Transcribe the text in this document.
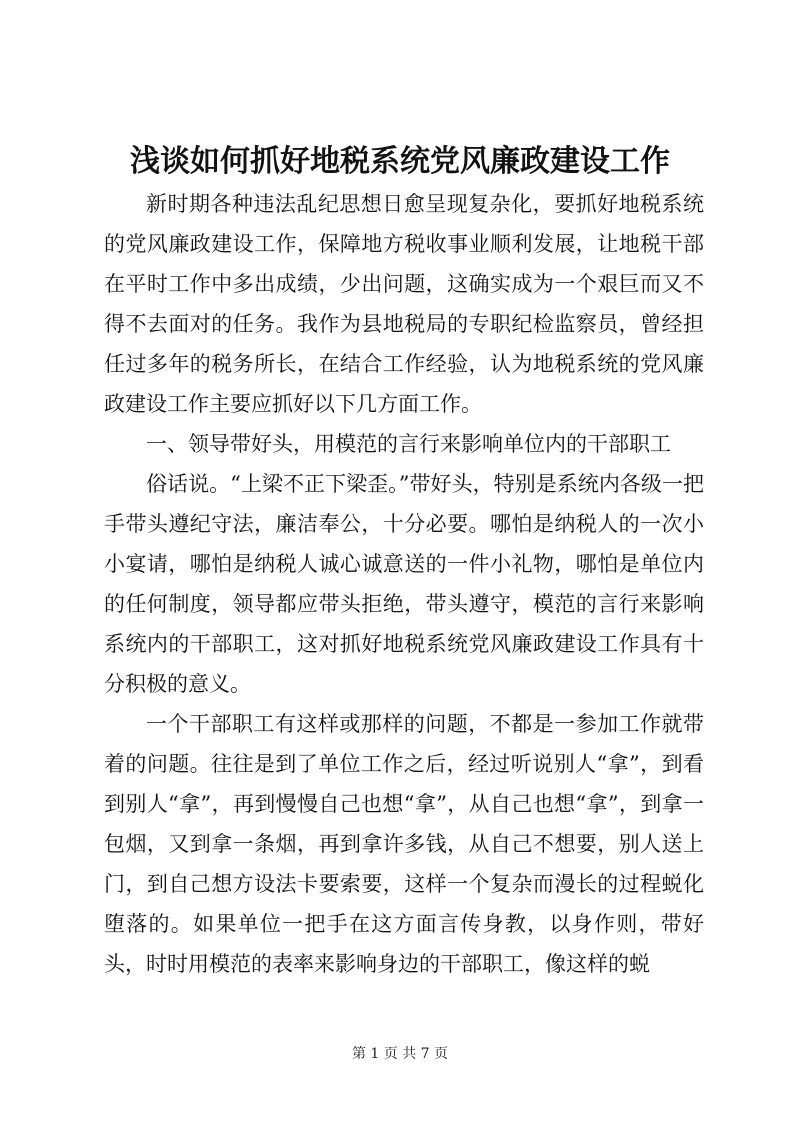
浅谈如何抓好地税系统党风廉政建设工作

新时期各种违法乱纪思想日愈呈现复杂化，要抓好地税系统的党风廉政建设工作，保障地方税收事业顺利发展，让地税干部在平时工作中多出成绩，少出问题，这确实成为一个艰巨而又不得不去面对的任务。我作为县地税局的专职纪检监察员，曾经担任过多年的税务所长，在结合工作经验，认为地税系统的党风廉政建设工作主要应抓好以下几方面工作。

一、领导带好头，用模范的言行来影响单位内的干部职工

俗话说。“上梁不正下梁歪。”带好头，特别是系统内各级一把手带头遵纪守法，廉洁奉公，十分必要。哪怕是纳税人的一次小小宴请，哪怕是纳税人诚心诚意送的一件小礼物，哪怕是单位内的任何制度，领导都应带头拒绝，带头遵守，模范的言行来影响系统内的干部职工，这对抓好地税系统党风廉政建设工作具有十分积极的意义。

一个干部职工有这样或那样的问题，不都是一参加工作就带着的问题。往往是到了单位工作之后，经过听说别人“拿”，到看到别人“拿”，再到慢慢自己也想“拿”，从自己也想“拿”，到拿一包烟，又到拿一条烟，再到拿许多钱，从自己不想要，别人送上门，到自己想方设法卡要索要，这样一个复杂而漫长的过程蜕化堕落的。如果单位一把手在这方面言传身教，以身作则，带好头，时时用模范的表率来影响身边的干部职工，像这样的蜕

第 1 页 共 7 页
